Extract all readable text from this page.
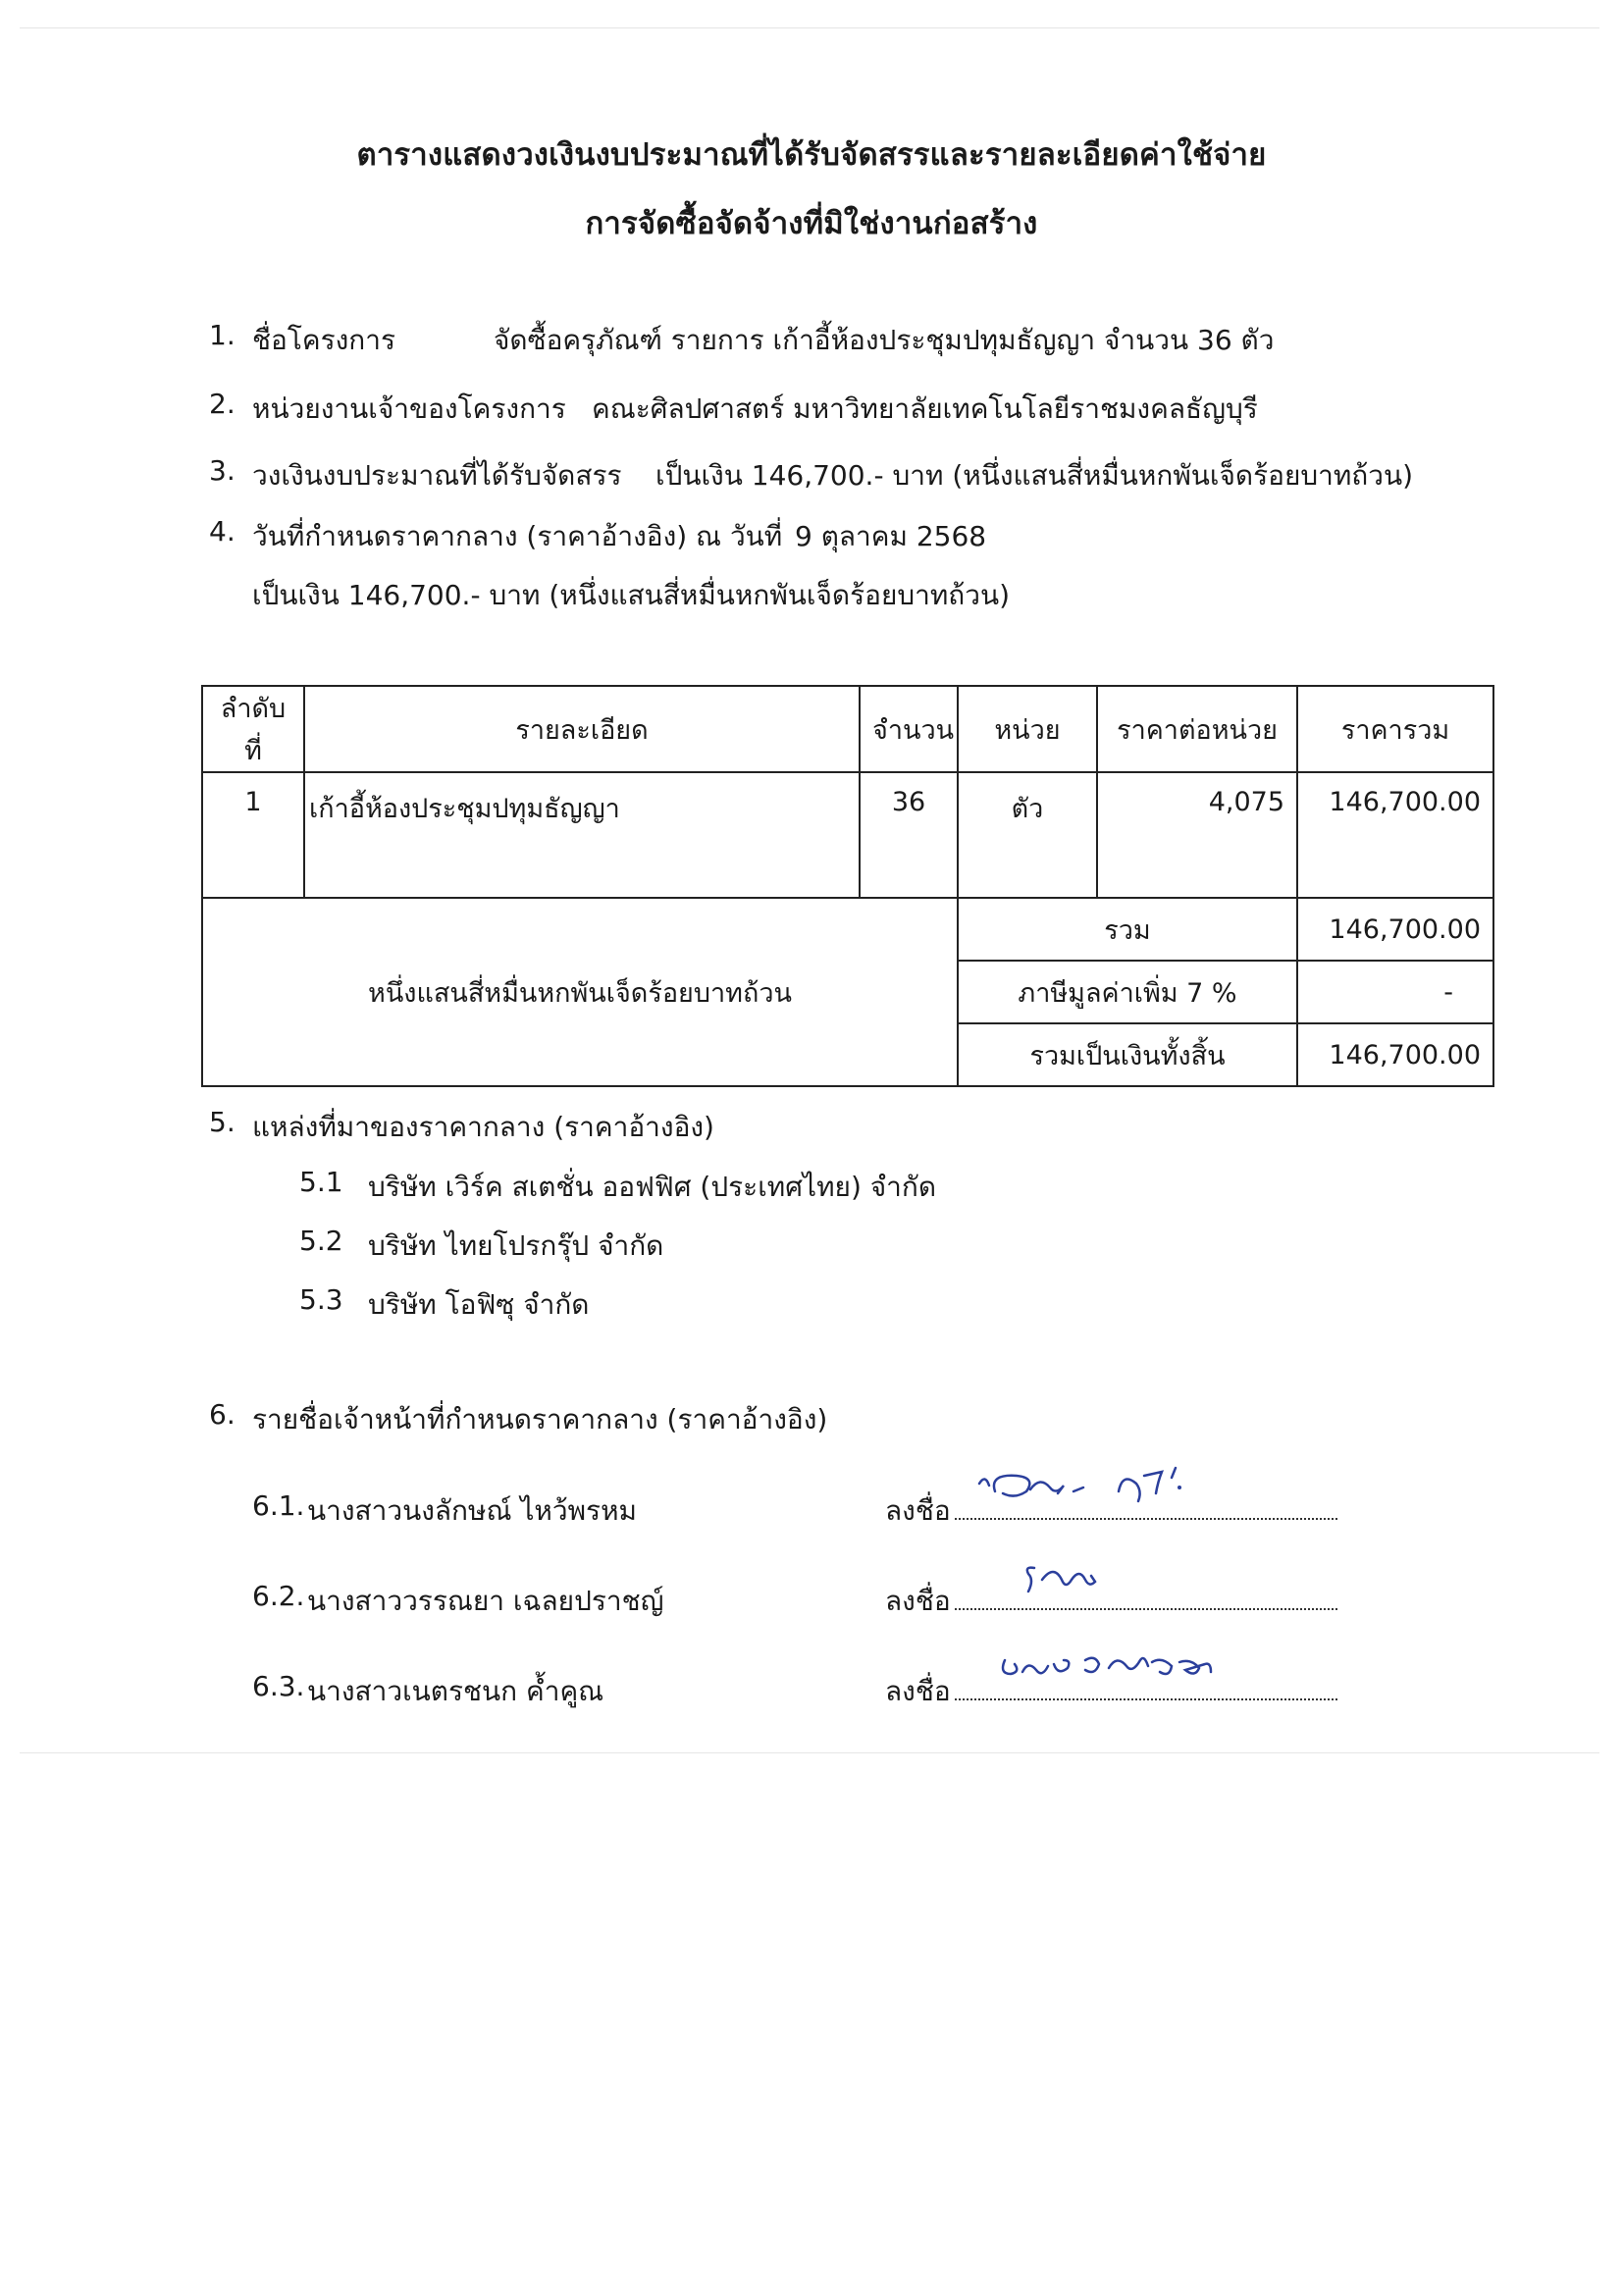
ตารางแสดงวงเงินงบประมาณที่ได้รับจัดสรรและรายละเอียดค่าใช้จ่าย
การจัดซื้อจัดจ้างที่มิใช่งานก่อสร้าง
1. ชื่อโครงการ	จัดซื้อครุภัณฑ์ รายการ เก้าอี้ห้องประชุมปทุมธัญญา จำนวน 36 ตัว
2. หน่วยงานเจ้าของโครงการ คณะศิลปศาสตร์ มหาวิทยาลัยเทคโนโลยีราชมงคลธัญบุรี
3. วงเงินงบประมาณที่ได้รับจัดสรร เป็นเงิน 146,700.- บาท (หนึ่งแสนสี่หมื่นหกพันเจ็ดร้อยบาทถ้วน)
4. วันที่กำหนดราคากลาง (ราคาอ้างอิง) ณ วันที่ 9 ตุลาคม 2568
เป็นเงิน 146,700.- บาท (หนึ่งแสนสี่หมื่นหกพันเจ็ดร้อยบาทถ้วน)
ลำดับที่	รายละเอียด	จำนวน	หน่วย	ราคาต่อหน่วย	ราคารวม
1	เก้าอี้ห้องประชุมปทุมธัญญา	36	ตัว	4,075	146,700.00
หนึ่งแสนสี่หมื่นหกพันเจ็ดร้อยบาทถ้วน			รวม		146,700.00
			ภาษีมูลค่าเพิ่ม 7 %		-
			รวมเป็นเงินทั้งสิ้น		146,700.00
5. แหล่งที่มาของราคากลาง (ราคาอ้างอิง)
5.1 บริษัท เวิร์ค สเตชั่น ออฟฟิศ (ประเทศไทย) จำกัด
5.2 บริษัท ไทยโปรกรุ๊ป จำกัด
5.3 บริษัท โอฟิซุ จำกัด
6. รายชื่อเจ้าหน้าที่กำหนดราคากลาง (ราคาอ้างอิง)
6.1. นางสาวนงลักษณ์ ไหว้พรหม	ลงชื่อ
6.2. นางสาววรรณยา เฉลยปราชญ์	ลงชื่อ
6.3. นางสาวเนตรชนก ค้ำคูณ	ลงชื่อ
